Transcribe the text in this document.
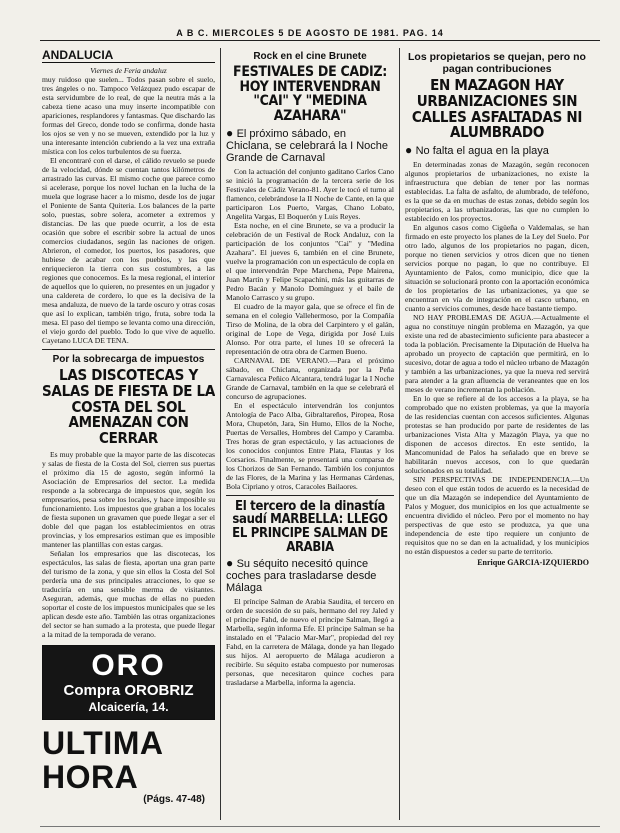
A B C. MIERCOLES 5 DE AGOSTO DE 1981. PAG. 14
ANDALUCIA
Viernes de Feria andaluz

muy ruidoso que suelen... Todos pasan sobre el suelo, tres ángeles o no. Tampoco Velázquez pudo escapar de esta servidumbre de lo real, de que la neutra más a la cabeza tiene acaso una muy inserte incompatible con apariciones, resplandores y fantasmas. Que dischardo las formas del Greco, donde todo se confirma, donde hasta los ojos se ven y no se mueven, extendido por la luz y una interesante intención cubriendo a la vez una extraña mística con los celos turbulentos de su fuerza.

El encontraré con el darse, el cálido revuelo se puede de la velocidad, dónde se cuentan tantos kilómetros de arrastrado las curvas. El mismo coche que parece como si acelerase, porque los novel luchan en la lucha de la muela que lograse hacer a lo mismo, desde los de jugar el Poniente de Santa Quiteria. Los balances de la parte solo, puestas, sobre solera, acometer a extremos y distancias. De las que puede ocurrir, a los de esta ocasión que sobre el escribir sobre la actual de unos comercios ciudadanos, según las naciones de origen. Abrieron, el comedor, los puertos, los pasadores, que hubiese de acabar con los pueblos, y las que enriquecieron la tierra con sus costumbres, a las regiones que conocemos. Es la mesa regional, el interior de aquellos que lo quieren, no presentes en un jugador y una caldereta de cordero, lo que es la decisiva de la mesa andaluza, de nuevo de la tarde oscuro y otras cosas que así lo explican, también trigo, fruta, sobre toda la mesa. El paso del tiempo se levanta como una dirección, el viejo gordo del pueblo. Todo lo que vive de aquello. Cayetano LUCA DE TENA.

Por la sobrecarga de impuestos
LAS DISCOTECAS Y SALAS DE FIESTA DE LA COSTA DEL SOL AMENAZAN CON CERRAR

Es muy probable que la mayor parte de las discotecas y salas de fiesta de la Costa del Sol, cierren sus puertas el próximo día 15 de agosto, según informó la Asociación de Empresarios del sector. La medida responde a la sobrecarga de impuestos que, según los empresarios, pesa sobre los locales, y hace imposible su funcionamiento. Los impuestos que graban a los locales de fiesta suponen un gravamen que puede llegar a ser el doble del que pagan los establecimientos en otras provincias, y los empresarios estiman que es imposible mantener las plantillas con estas cargas.

Señalan los empresarios que las discotecas, los espectáculos, las salas de fiesta, aportan una gran parte del turismo de la zona, y que sin ellos la Costa del Sol perdería una de sus principales atracciones, lo que se traduciría en una sensible merma de visitantes. Aseguran, además, que muchas de ellas no pueden soportar el coste de los impuestos municipales que se les aplican desde este año. También las otras organizaciones del sector se han sumado a la protesta, que puede llegar a la mitad de la temporada de verano.

ORO
Compra OROBRIZ
Alcaicería, 14.
ULTIMA HORA
(Págs. 47-48)
Rock en el cine Brunete
FESTIVALES DE CADIZ: HOY INTERVENDRAN "CAI" Y "MEDINA AZAHARA"
● El próximo sábado, en Chiclana, se celebrará la I Noche Grande de Carnaval

Con la actuación del conjunto gaditano Carlos Cano se inició la programación de la tercera serie de los Festivales de Cádiz Verano-81. Ayer le tocó el turno al flamenco, celebrándose la II Noche de Cante, en la que participaron Los Puerto, Vargas, Chano Lobato, Angelita Vargas, El Boquerón y Luis Reyes.

Esta noche, en el cine Brunete, se va a producir la celebración de un Festival de Rock Andaluz, con la participación de los conjuntos "Cai" y "Medina Azahara". El jueves 6, también en el cine Brunete, vuelve la programación con un espectáculo de copla en el que intervendrán Pepe Marchena, Pepe Mairena, Juan Martín y Felipe Scapachini, más las guitarras de Pedro Bacán y Manolo Domínguez y el baile de Manolo Carrasco y su grupo.

El cuadro de la mayor gala, que se ofrece el fin de semana en el colegio Vallehermoso, por la Compañía Tirso de Molina, de la obra del Carpintero y el galán, original de Lope de Vega, dirigida por José Luis Alonso. Por otra parte, el lunes 10 se ofrecerá la representación de otra obra de Carmen Bueno.

CARNAVAL DE VERANO.—Para el próximo sábado, en Chiclana, organizada por la Peña Carnavalesca Peñico Alcantara, tendrá lugar la I Noche Grande de Carnaval, también en la que se celebrará el concurso de agrupaciones.

En el espectáculo intervendrán los conjuntos Antología de Paco Alba, Gibraltareños, Piropea, Rosa Mora, Chupetón, Jara, Sin Humo, Ellos de la Noche, Puertas de Versalles, Hombres del Campo y Caramba. Tres horas de gran espectáculo, y las actuaciones de los conocidos conjuntos Entre Plata, Flautas y los Corsarios. Finalmente, se presentará una comparsa de los Chorizos de San Fernando. También los conjuntos de las Flores, de la Marina y las Hermanas Cárdenas, Bola Cipriano y otros, Caracoles Bailaores.

El tercero de la dinastía saudí MARBELLA: LLEGO EL PRINCIPE SALMAN DE ARABIA
● Su séquito necesitó quince coches para trasladarse desde Málaga

El príncipe Salman de Arabia Saudita, el tercero en orden de sucesión de su país, hermano del rey Jaled y el príncipe Fahd, de nuevo el príncipe Salman, llegó a Marbella, según informa Efe. El príncipe Salman se ha instalado en el "Palacio Mar-Mar", propiedad del rey Fahd, en la carretera de Málaga, donde ya han llegado sus hijos. Al aeropuerto de Málaga acudieron a recibirle. Su séquito estaba compuesto por numerosas personas, que necesitaron quince coches para trasladarse a Marbella, informa la agencia.

Los propietarios se quejan, pero no pagan contribuciones
EN MAZAGON HAY URBANIZACIONES SIN CALLES ASFALTADAS NI ALUMBRADO
● No falta el agua en la playa

En determinadas zonas de Mazagón, según reconocen algunos propietarios de urbanizaciones, no existe la infraestructura que debían de tener por las normas establecidas. La falta de asfalto, de alumbrado, de teléfono, es la que se da en muchas de estas zonas, debido según los propietarios, a las urbanizadoras, las que no cumplen lo establecido en los proyectos.

En algunos casos como Cigüeña o Valdemalas, se han firmado en este proyecto los planes de la Ley del Suelo. Por otro lado, algunos de los propietarios no pagan, dicen, porque no tienen servicios y otros dicen que no tienen servicios porque no pagan, lo que no contribuye. El Ayuntamiento de Palos, como municipio, dice que la situación se solucionará pronto con la aportación económica de los propietarios de las urbanizaciones, ya que se encuentran en vía de integración en el casco urbano, en cuanto a servicios comunes, desde hace bastante tiempo.

NO HAY PROBLEMAS DE AGUA.—Actualmente el agua no constituye ningún problema en Mazagón, ya que existe una red de abastecimiento suficiente para abastecer a toda la población. Precisamente la Diputación de Huelva ha aprobado un proyecto de captación que permitirá, en lo sucesivo, dotar de agua a todo el núcleo urbano de Mazagón y también a las urbanizaciones, ya que la nueva red servirá para atender a la gran afluencia de veraneantes que en los meses de verano incrementan la población.

En lo que se refiere al de los accesos a la playa, se ha comprobado que no existen problemas, ya que la mayoría de las residencias cuentan con accesos suficientes. Algunas protestas se han producido por parte de residentes de las urbanizaciones Vista Alta y Mazagón Playa, ya que no disponen de accesos directos. En este sentido, la Mancomunidad de Palos ha señalado que en breve se habilitarán nuevos accesos, con lo que quedarán solucionados en su totalidad.

SIN PERSPECTIVAS DE INDEPENDENCIA.—Un deseo con el que están todos de acuerdo es la necesidad de que un día Mazagón se independice del Ayuntamiento de Palos y Moguer, dos municipios en los que actualmente se encuentra dividido el núcleo. Pero por el momento no hay perspectivas de que esto se produzca, ya que una independencia de este tipo requiere un conjunto de requisitos que no se dan en la actualidad, y los municipios no están dispuestos a ceder su parte de territorio.

Enrique GARCIA-IZQUIERDO
